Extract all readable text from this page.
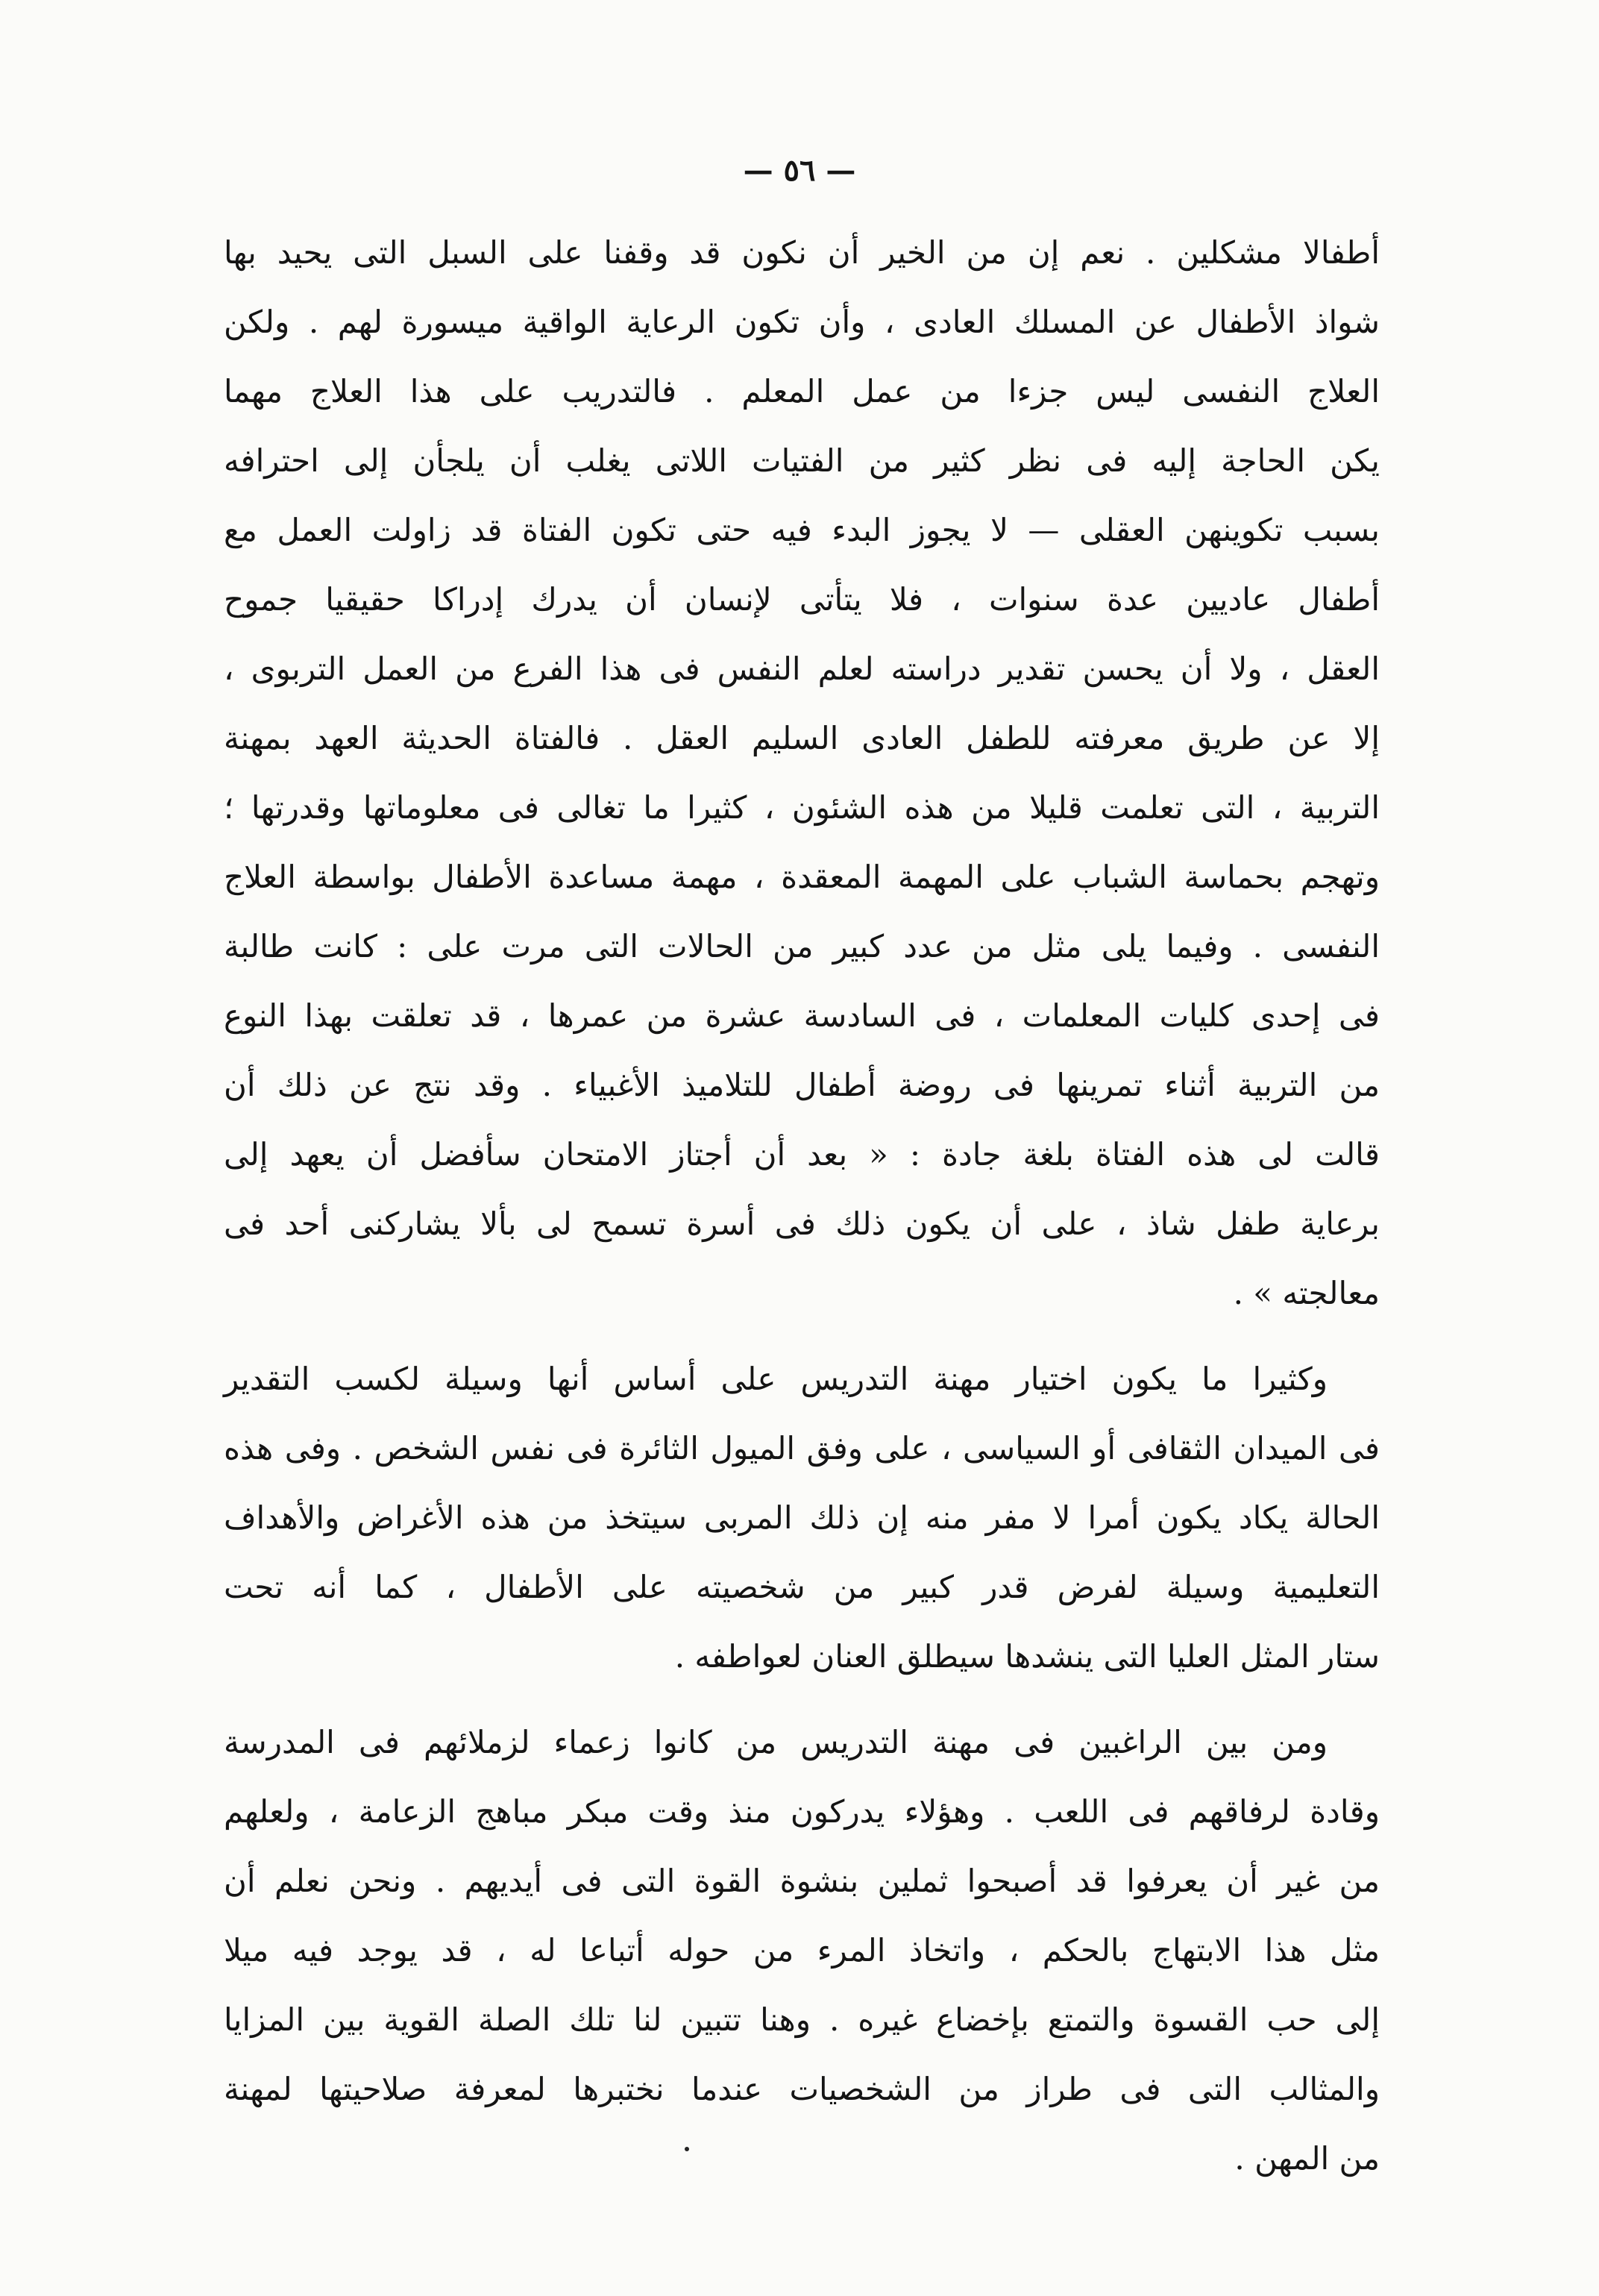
— ٥٦ —

أطفالا مشكلين . نعم إن من الخير أن نكون قد وقفنا على السبل التى يحيد بها
شواذ الأطفال عن المسلك العادى ، وأن تكون الرعاية الواقية ميسورة لهم . ولكن
العلاج النفسى ليس جزءا من عمل المعلم . فالتدريب على هذا العلاج مهما
يكن الحاجة إليه فى نظر كثير من الفتيات اللاتى يغلب أن يلجأن إلى احترافه
بسبب تكوينهن العقلى — لا يجوز البدء فيه حتى تكون الفتاة قد زاولت العمل مع
أطفال عاديين عدة سنوات ، فلا يتأتى لإنسان أن يدرك إدراكا حقيقيا جموح
العقل ، ولا أن يحسن تقدير دراسته لعلم النفس فى هذا الفرع من العمل التربوى ،
إلا عن طريق معرفته للطفل العادى السليم العقل . فالفتاة الحديثة العهد بمهنة
التربية ، التى تعلمت قليلا من هذه الشئون ، كثيرا ما تغالى فى معلوماتها وقدرتها ؛
وتهجم بحماسة الشباب على المهمة المعقدة ، مهمة مساعدة الأطفال بواسطة العلاج
النفسى . وفيما يلى مثل من عدد كبير من الحالات التى مرت على : كانت طالبة
فى إحدى كليات المعلمات ، فى السادسة عشرة من عمرها ، قد تعلقت بهذا النوع
من التربية أثناء تمرينها فى روضة أطفال للتلاميذ الأغبياء . وقد نتج عن ذلك أن
قالت لى هذه الفتاة بلغة جادة : « بعد أن أجتاز الامتحان سأفضل أن يعهد إلى
برعاية طفل شاذ ، على أن يكون ذلك فى أسرة تسمح لى بألا يشاركنى أحد فى
معالجته » .

وكثيرا ما يكون اختيار مهنة التدريس على أساس أنها وسيلة لكسب التقدير
فى الميدان الثقافى أو السياسى ، على وفق الميول الثائرة فى نفس الشخص . وفى هذه
الحالة يكاد يكون أمرا لا مفر منه إن ذلك المربى سيتخذ من هذه الأغراض والأهداف
التعليمية وسيلة لفرض قدر كبير من شخصيته على الأطفال ، كما أنه تحت
ستار المثل العليا التى ينشدها سيطلق العنان لعواطفه .

ومن بين الراغبين فى مهنة التدريس من كانوا زعماء لزملائهم فى المدرسة
وقادة لرفاقهم فى اللعب . وهؤلاء يدركون منذ وقت مبكر مباهج الزعامة ، ولعلهم
من غير أن يعرفوا قد أصبحوا ثملين بنشوة القوة التى فى أيديهم . ونحن نعلم أن
مثل هذا الابتهاج بالحكم ، واتخاذ المرء من حوله أتباعا له ، قد يوجد فيه ميلا
إلى حب القسوة والتمتع بإخضاع غيره . وهنا تتبين لنا تلك الصلة القوية بين المزايا
والمثالب التى فى طراز من الشخصيات عندما نختبرها لمعرفة صلاحيتها لمهنة
من المهن .
